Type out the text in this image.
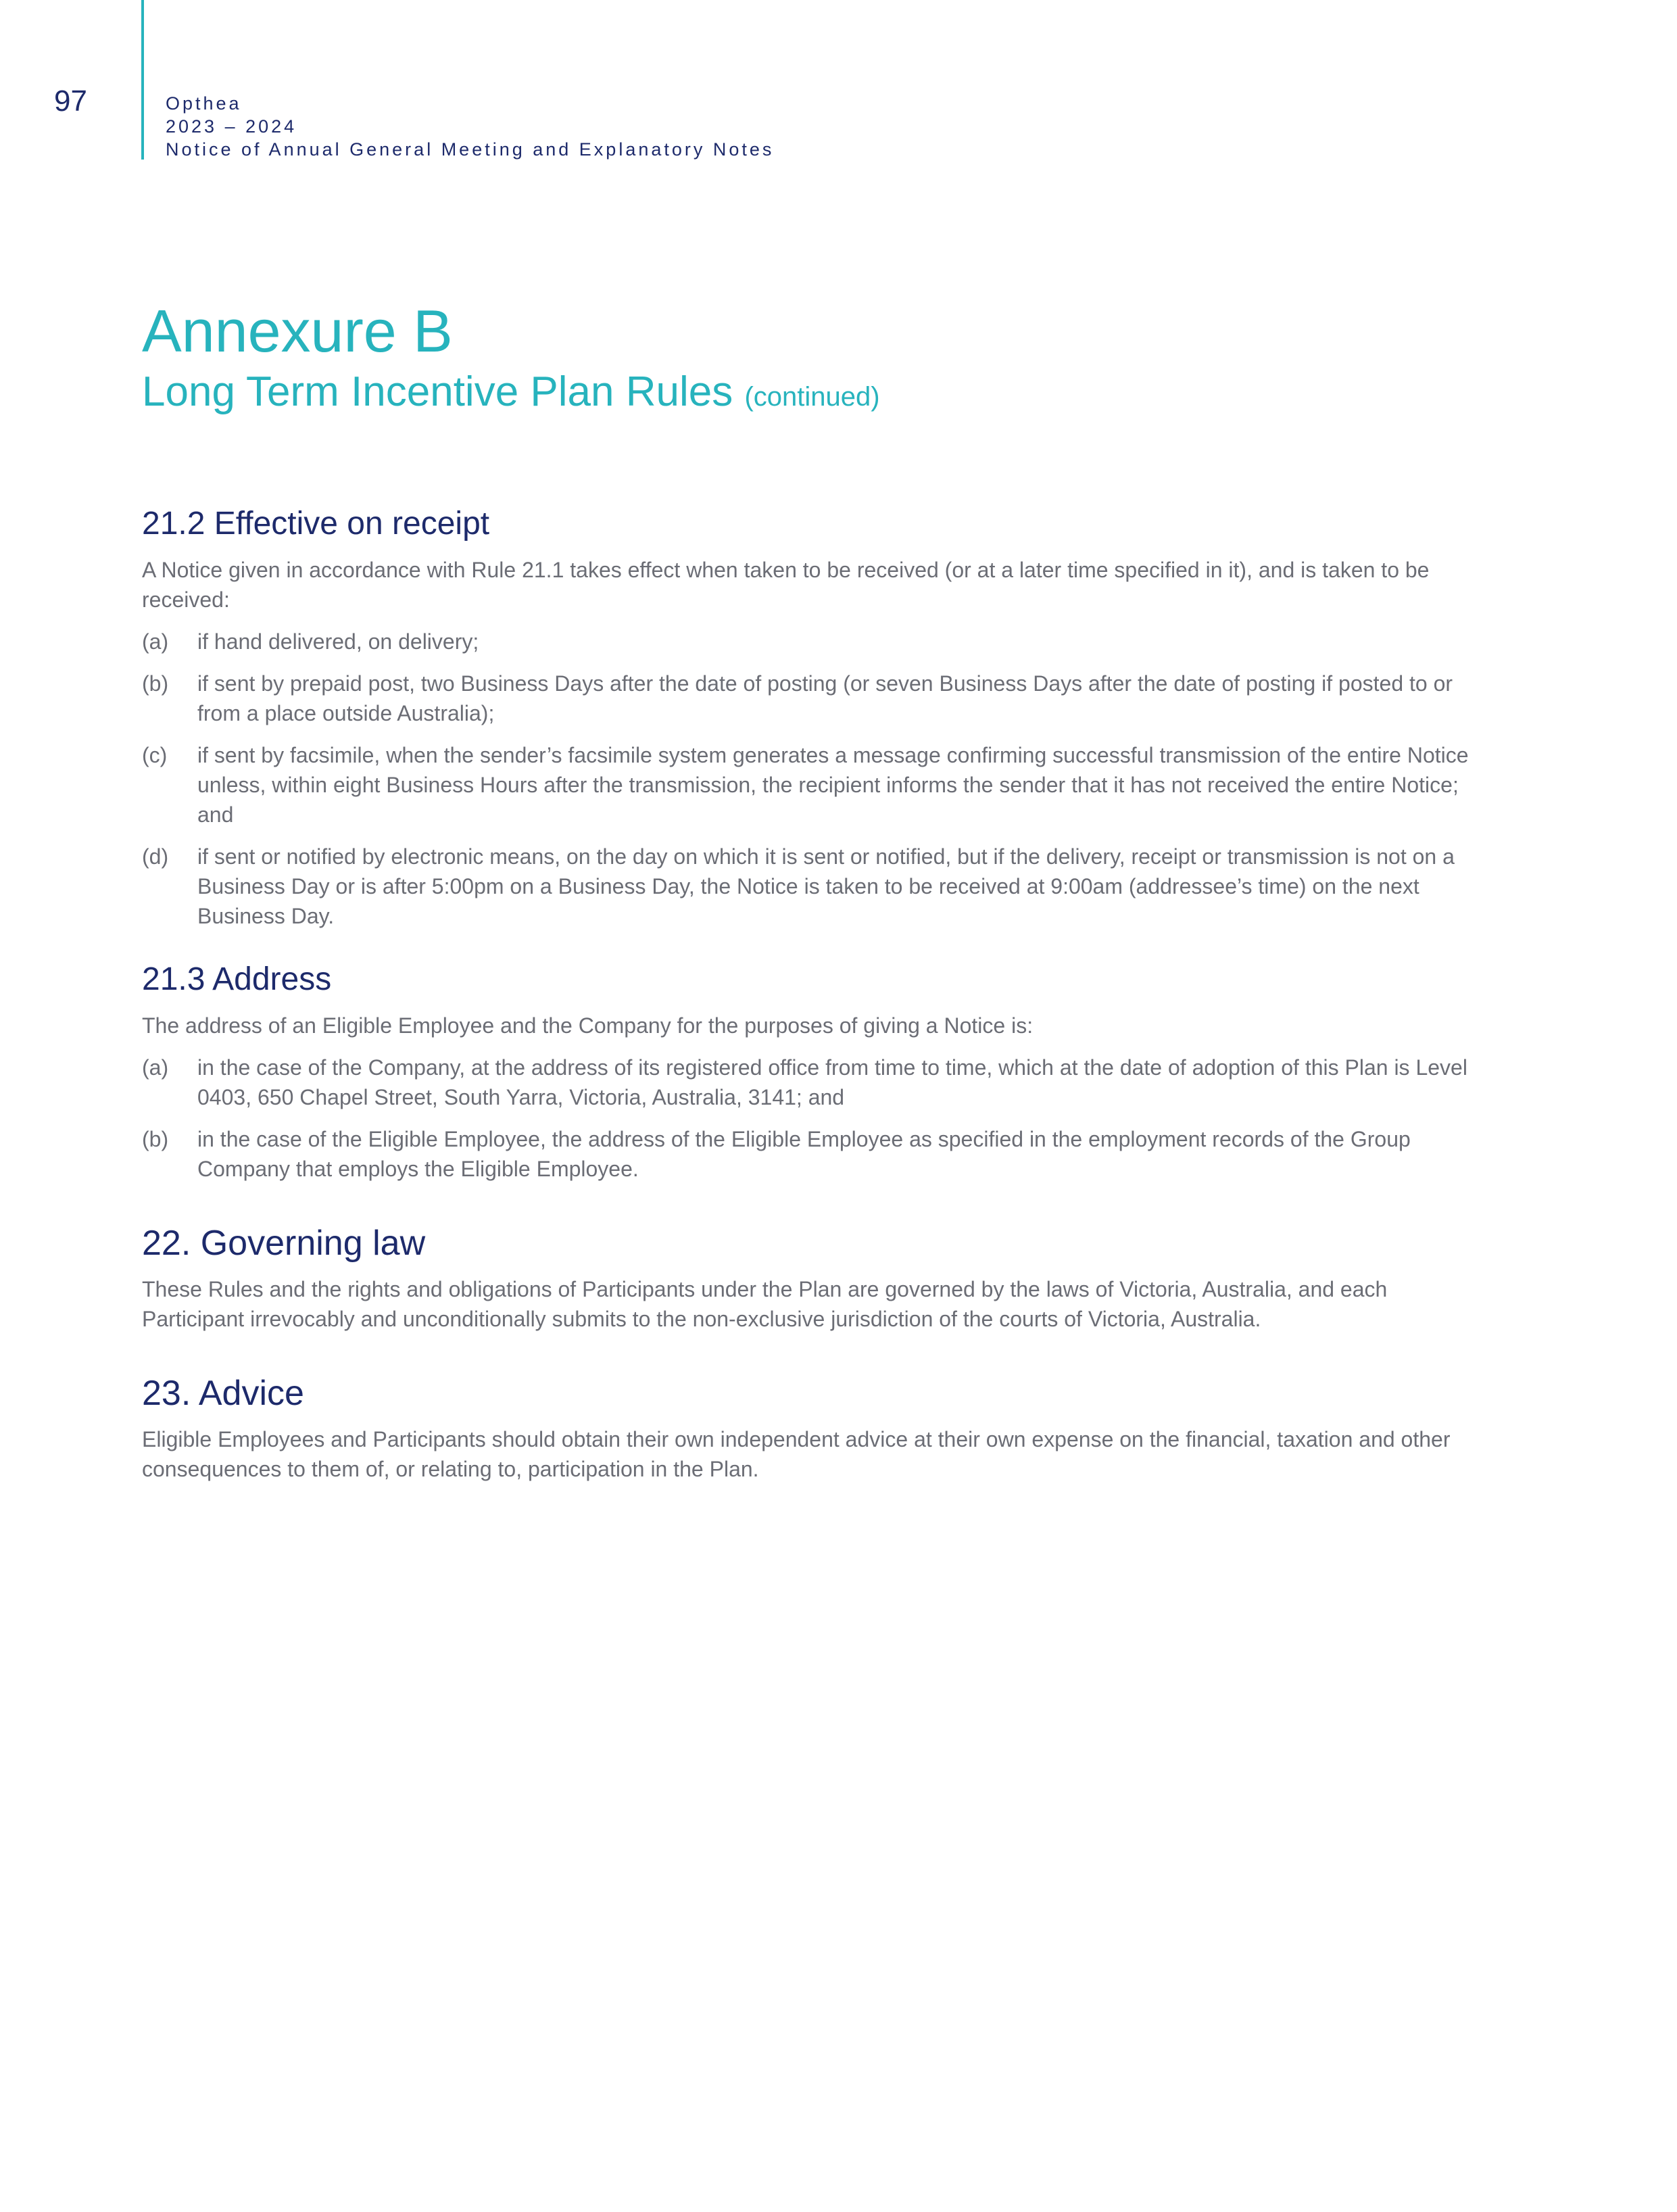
97	Opthea
2023 – 2024
Notice of Annual General Meeting and Explanatory Notes
Annexure B
Long Term Incentive Plan Rules (continued)
21.2 Effective on receipt

A Notice given in accordance with Rule 21.1 takes effect when taken to be received (or at a later time specified in it), and is taken to be received:

(a)	if hand delivered, on delivery;
(b)	if sent by prepaid post, two Business Days after the date of posting (or seven Business Days after the date of posting if posted to or from a place outside Australia);
(c)	if sent by facsimile, when the sender’s facsimile system generates a message confirming successful transmission of the entire Notice unless, within eight Business Hours after the transmission, the recipient informs the sender that it has not received the entire Notice; and
(d)	if sent or notified by electronic means, on the day on which it is sent or notified, but if the delivery, receipt or transmission is not on a Business Day or is after 5:00pm on a Business Day, the Notice is taken to be received at 9:00am (addressee’s time) on the next Business Day.
21.3 Address

The address of an Eligible Employee and the Company for the purposes of giving a Notice is:

(a)	in the case of the Company, at the address of its registered office from time to time, which at the date of adoption of this Plan is Level 0403, 650 Chapel Street, South Yarra, Victoria, Australia, 3141; and
(b)	in the case of the Eligible Employee, the address of the Eligible Employee as specified in the employment records of the Group Company that employs the Eligible Employee.
22. Governing law

These Rules and the rights and obligations of Participants under the Plan are governed by the laws of Victoria, Australia, and each Participant irrevocably and unconditionally submits to the non-exclusive jurisdiction of the courts of Victoria, Australia.

23. Advice

Eligible Employees and Participants should obtain their own independent advice at their own expense on the financial, taxation and other consequences to them of, or relating to, participation in the Plan.
